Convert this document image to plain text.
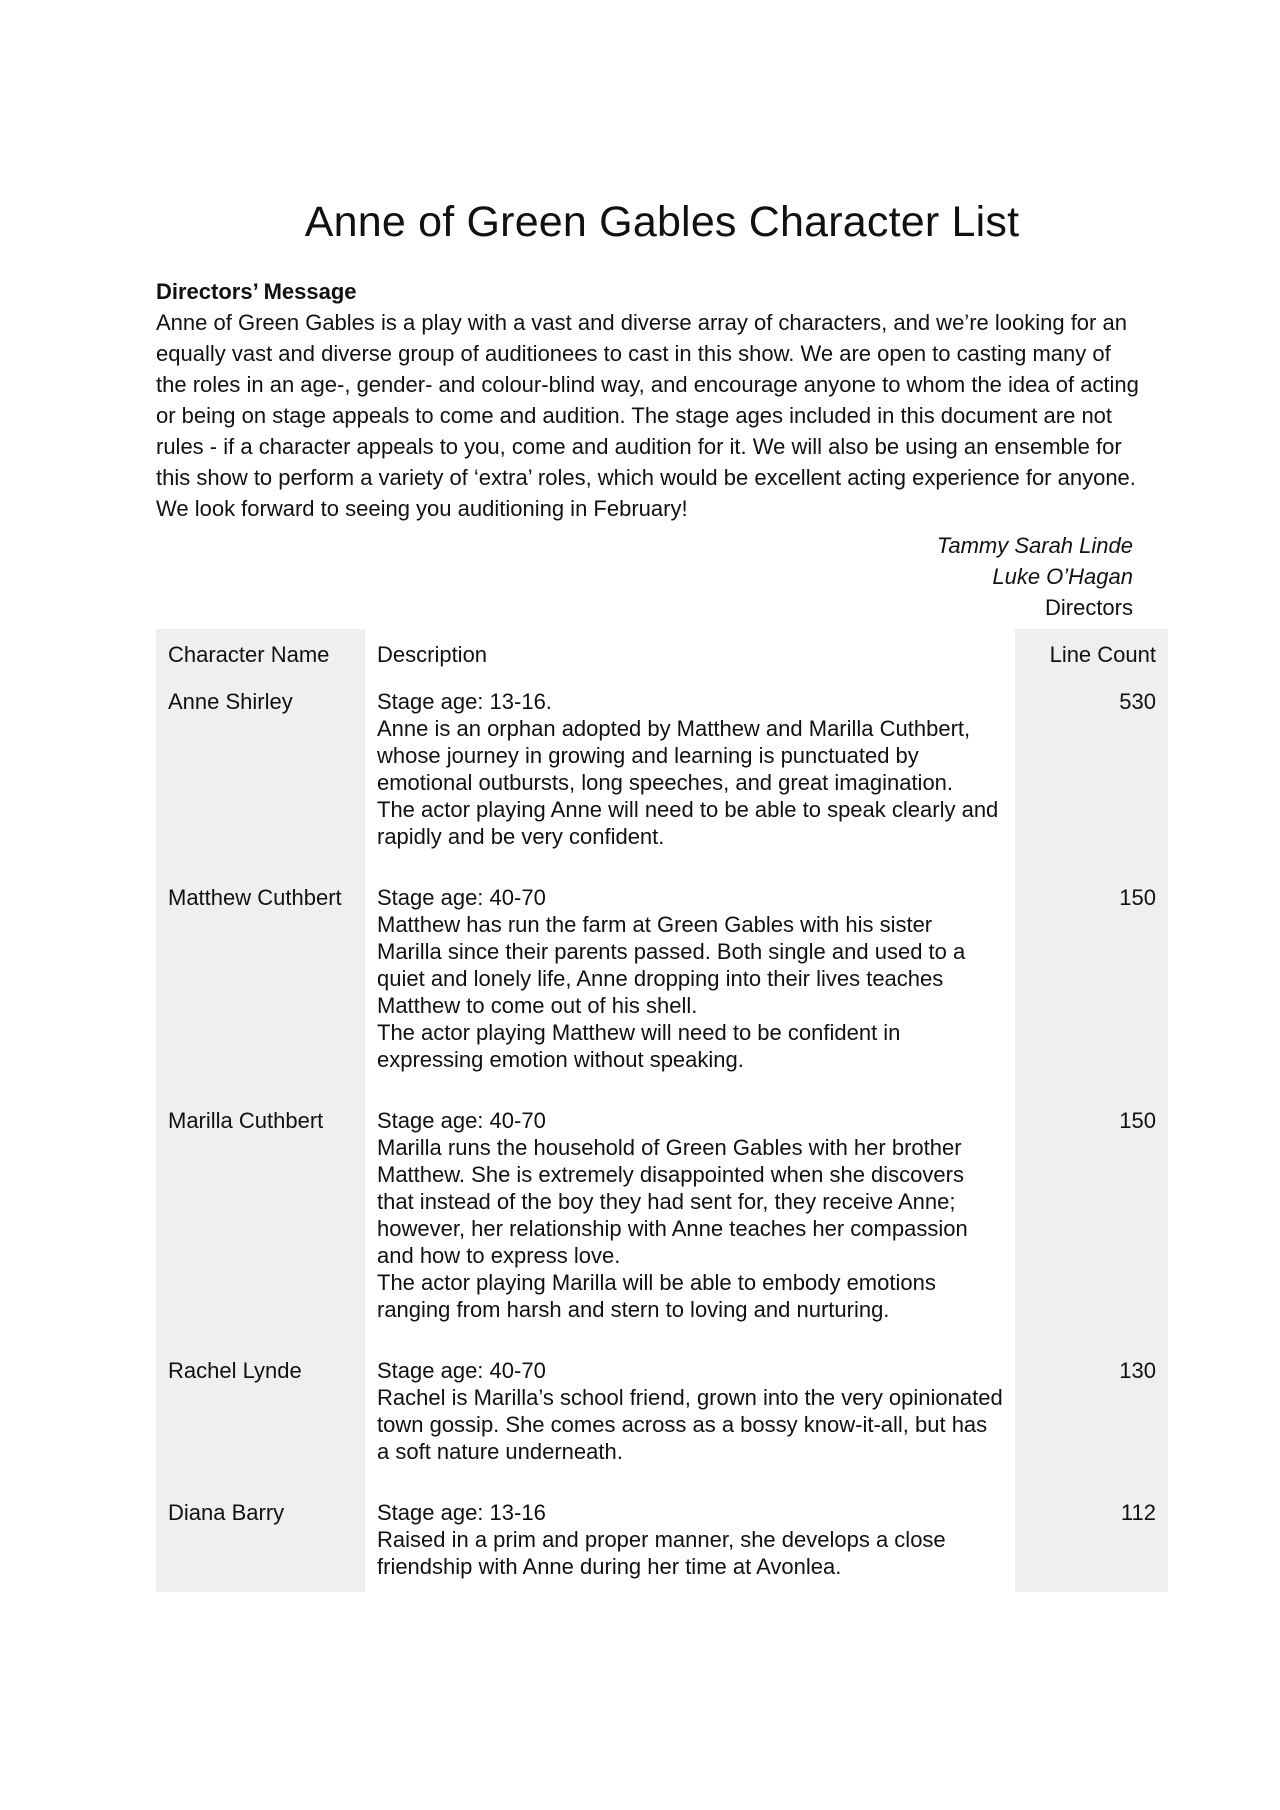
Anne of Green Gables Character List

Directors’ Message

Anne of Green Gables is a play with a vast and diverse array of characters, and we’re looking for an equally vast and diverse group of auditionees to cast in this show. We are open to casting many of the roles in an age-, gender- and colour-blind way, and encourage anyone to whom the idea of acting or being on stage appeals to come and audition. The stage ages included in this document are not rules - if a character appeals to you, come and audition for it. We will also be using an ensemble for this show to perform a variety of ‘extra’ roles, which would be excellent acting experience for anyone. We look forward to seeing you auditioning in February!

Tammy Sarah Linde
Luke O’Hagan
Directors
Character Name	Description	Line Count
Anne Shirley	Stage age: 13-16.

Anne is an orphan adopted by Matthew and Marilla Cuthbert, whose journey in growing and learning is punctuated by emotional outbursts, long speeches, and great imagination.

The actor playing Anne will need to be able to speak clearly and rapidly and be very confident.	530
Matthew Cuthbert	Stage age: 40-70

Matthew has run the farm at Green Gables with his sister Marilla since their parents passed. Both single and used to a quiet and lonely life, Anne dropping into their lives teaches Matthew to come out of his shell.

The actor playing Matthew will need to be confident in expressing emotion without speaking.	150
Marilla Cuthbert	Stage age: 40-70

Marilla runs the household of Green Gables with her brother Matthew. She is extremely disappointed when she discovers that instead of the boy they had sent for, they receive Anne; however, her relationship with Anne teaches her compassion and how to express love.

The actor playing Marilla will be able to embody emotions ranging from harsh and stern to loving and nurturing.	150
Rachel Lynde	Stage age: 40-70

Rachel is Marilla’s school friend, grown into the very opinionated town gossip. She comes across as a bossy know-it-all, but has a soft nature underneath.	130
Diana Barry	Stage age: 13-16

Raised in a prim and proper manner, she develops a close friendship with Anne during her time at Avonlea.	112
